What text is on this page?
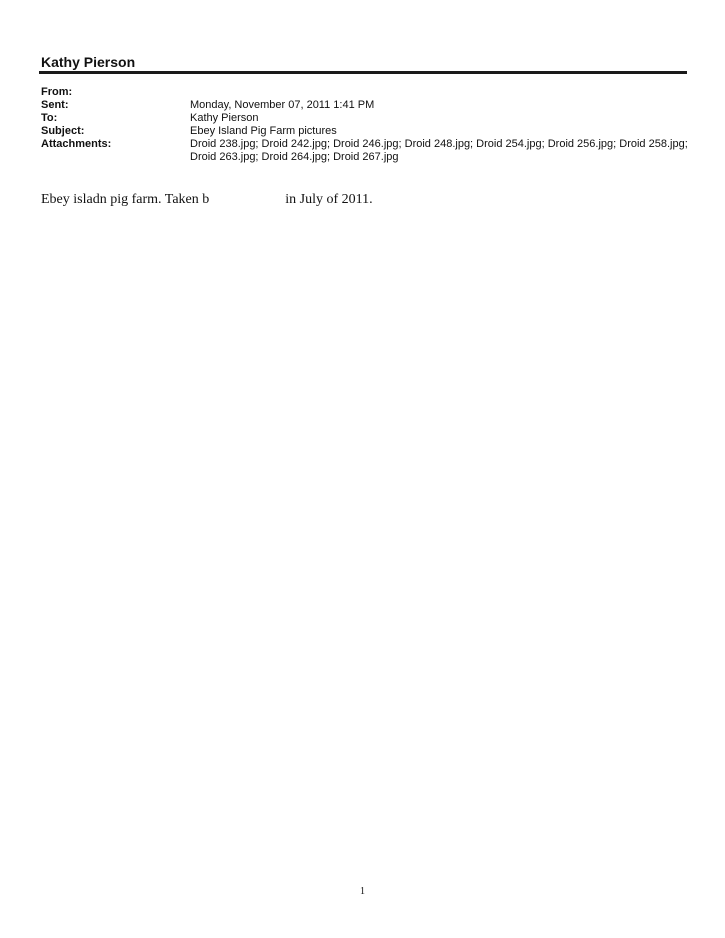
Kathy Pierson
From:
Sent:	Monday, November 07, 2011 1:41 PM
To:	Kathy Pierson
Subject:	Ebey Island Pig Farm pictures
Attachments:	Droid 238.jpg; Droid 242.jpg; Droid 246.jpg; Droid 248.jpg; Droid 254.jpg; Droid 256.jpg; Droid 258.jpg; Droid 263.jpg; Droid 264.jpg; Droid 267.jpg
Ebey isladn pig farm. Taken b	in July of 2011.
1
